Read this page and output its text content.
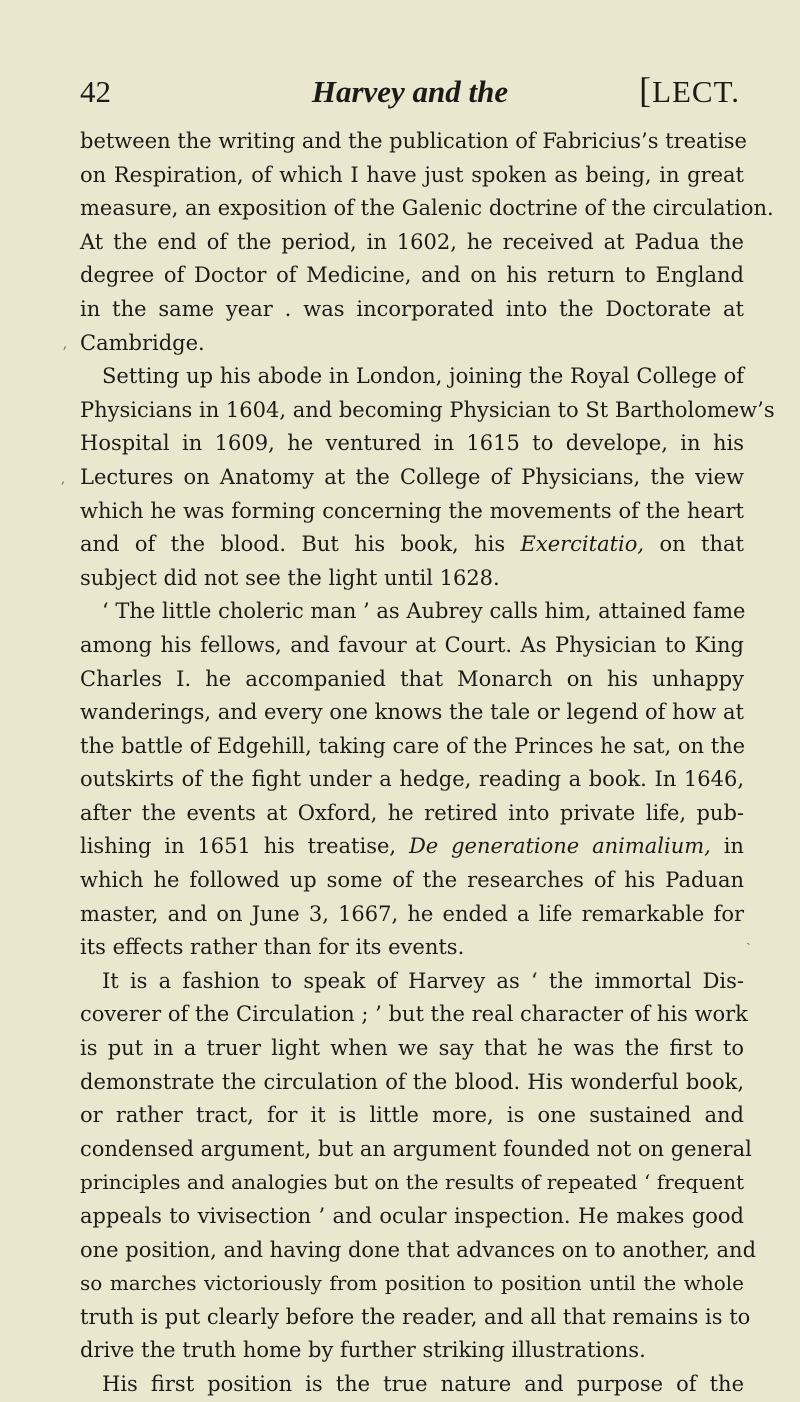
42	Harvey and the	[LECT.
between the writing and the publication of Fabricius’s treatise
on Respiration, of which I have just spoken as being, in great
measure, an exposition of the Galenic doctrine of the circulation.
At the end of the period, in 1602, he received at Padua the
degree of Doctor of Medicine, and on his return to England
in the same year . was incorporated into the Doctorate at
Cambridge.
Setting up his abode in London, joining the Royal College of
Physicians in 1604, and becoming Physician to St Bartholomew’s
Hospital in 1609, he ventured in 1615 to develope, in his
Lectures on Anatomy at the College of Physicians, the view
which he was forming concerning the movements of the heart
and of the blood. But his book, his Exercitatio, on that
subject did not see the light until 1628.
‘ The little choleric man ’ as Aubrey calls him, attained fame
among his fellows, and favour at Court. As Physician to King
Charles I. he accompanied that Monarch on his unhappy
wanderings, and every one knows the tale or legend of how at
the battle of Edgehill, taking care of the Princes he sat, on the
outskirts of the fight under a hedge, reading a book. In 1646,
after the events at Oxford, he retired into private life, pub-
lishing in 1651 his treatise, De generatione animalium, in
which he followed up some of the researches of his Paduan
master, and on June 3, 1667, he ended a life remarkable for
its effects rather than for its events.
It is a fashion to speak of Harvey as ‘ the immortal Dis-
coverer of the Circulation ; ’ but the real character of his work
is put in a truer light when we say that he was the first to
demonstrate the circulation of the blood. His wonderful book,
or rather tract, for it is little more, is one sustained and
condensed argument, but an argument founded not on general
principles and analogies but on the results of repeated ‘ frequent
appeals to vivisection ’ and ocular inspection. He makes good
one position, and having done that advances on to another, and
so marches victoriously from position to position until the whole
truth is put clearly before the reader, and all that remains is to
drive the truth home by further striking illustrations.
His first position is the true nature and purpose of the
ʼ
ʼ
ˏ
